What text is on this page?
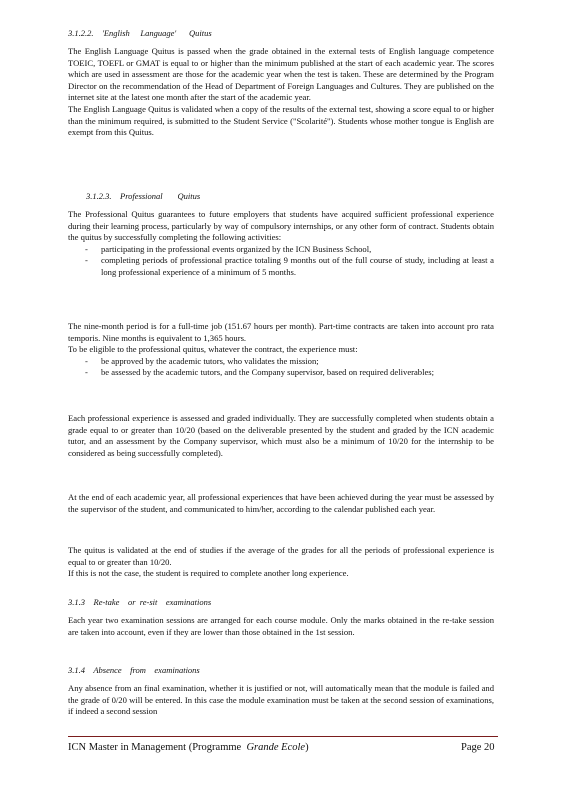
3.1.2.2.    'English     Language'      Quitus

The English Language Quitus is passed when the grade obtained in the external tests of English language competence TOEIC, TOEFL or GMAT is equal to or higher than the minimum published at the start of each academic year. The scores which are used in assessment are those for the academic year when the test is taken. These are determined by the Program Director on the recommendation of the Head of Department of Foreign Languages and Cultures. They are published on the internet site at the latest one month after the start of the academic year.

The English Language Quitus is validated when a copy of the results of the external test, showing a score equal to or higher than the minimum required, is submitted to the Student Service ("Scolarité"). Students whose mother tongue is English are exempt from this Quitus.

3.1.2.3.    Professional       Quitus

The Professional Quitus guarantees to future employers that students have acquired sufficient professional experience during their learning process, particularly by way of compulsory internships, or any other form of contract. Students obtain the quitus by successfully completing the following activities:

- participating in the professional events organized by the ICN Business School,
- completing periods of professional practice totaling 9 months out of the full course of study, including at least a long professional experience of a minimum of 5 months.

The nine-month period is for a full-time job (151.67 hours per month). Part-time contracts are taken into account pro rata temporis. Nine months is equivalent to 1,365 hours.

To be eligible to the professional quitus, whatever the contract, the experience must:

- be approved by the academic tutors, who validates the mission;
- be assessed by the academic tutors, and the Company supervisor, based on required deliverables;

Each professional experience is assessed and graded individually. They are successfully completed when students obtain a grade equal to or greater than 10/20 (based on the deliverable presented by the student and graded by the ICN academic tutor, and an assessment by the Company supervisor, which must also be a minimum of 10/20 for the internship to be considered as being successfully completed).

At the end of each academic year, all professional experiences that have been achieved during the year must be assessed by the supervisor of the student, and communicated to him/her, according to the calendar published each year.

The quitus is validated at the end of studies if the average of the grades for all the periods of professional experience is equal to or greater than 10/20.

If this is not the case, the student is required to complete another long experience.

3.1.3    Re-take    or  re-sit    examinations

Each year two examination sessions are arranged for each course module. Only the marks obtained in the re-take session are taken into account, even if they are lower than those obtained in the 1st session.

3.1.4    Absence    from    examinations

Any absence from an final examination, whether it is justified or not, will automatically mean that the module is failed and the grade of 0/20 will be entered. In this case the module examination must be taken at the second session of examinations, if indeed a second session

ICN Master in Management (Programme  Grande Ecole)	Page 20
